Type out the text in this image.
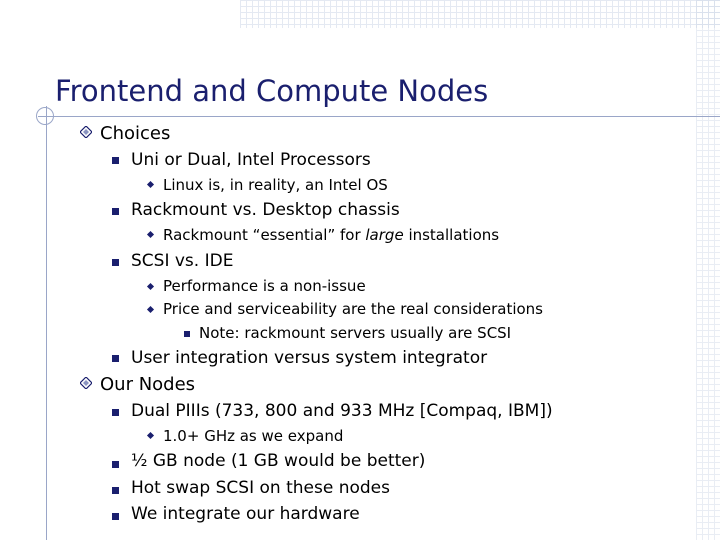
Frontend and Compute Nodes
Choices
Uni or Dual, Intel Processors
Linux is, in reality, an Intel OS
Rackmount vs. Desktop chassis
Rackmount “essential” for large installations
SCSI vs. IDE
Performance is a non-issue
Price and serviceability are the real considerations
Note: rackmount servers usually are SCSI
User integration versus system integrator
Our Nodes
Dual PIIIs (733, 800 and 933 MHz [Compaq, IBM])
1.0+ GHz as we expand
½ GB node (1 GB would be better)
Hot swap SCSI on these nodes
We integrate our hardware
